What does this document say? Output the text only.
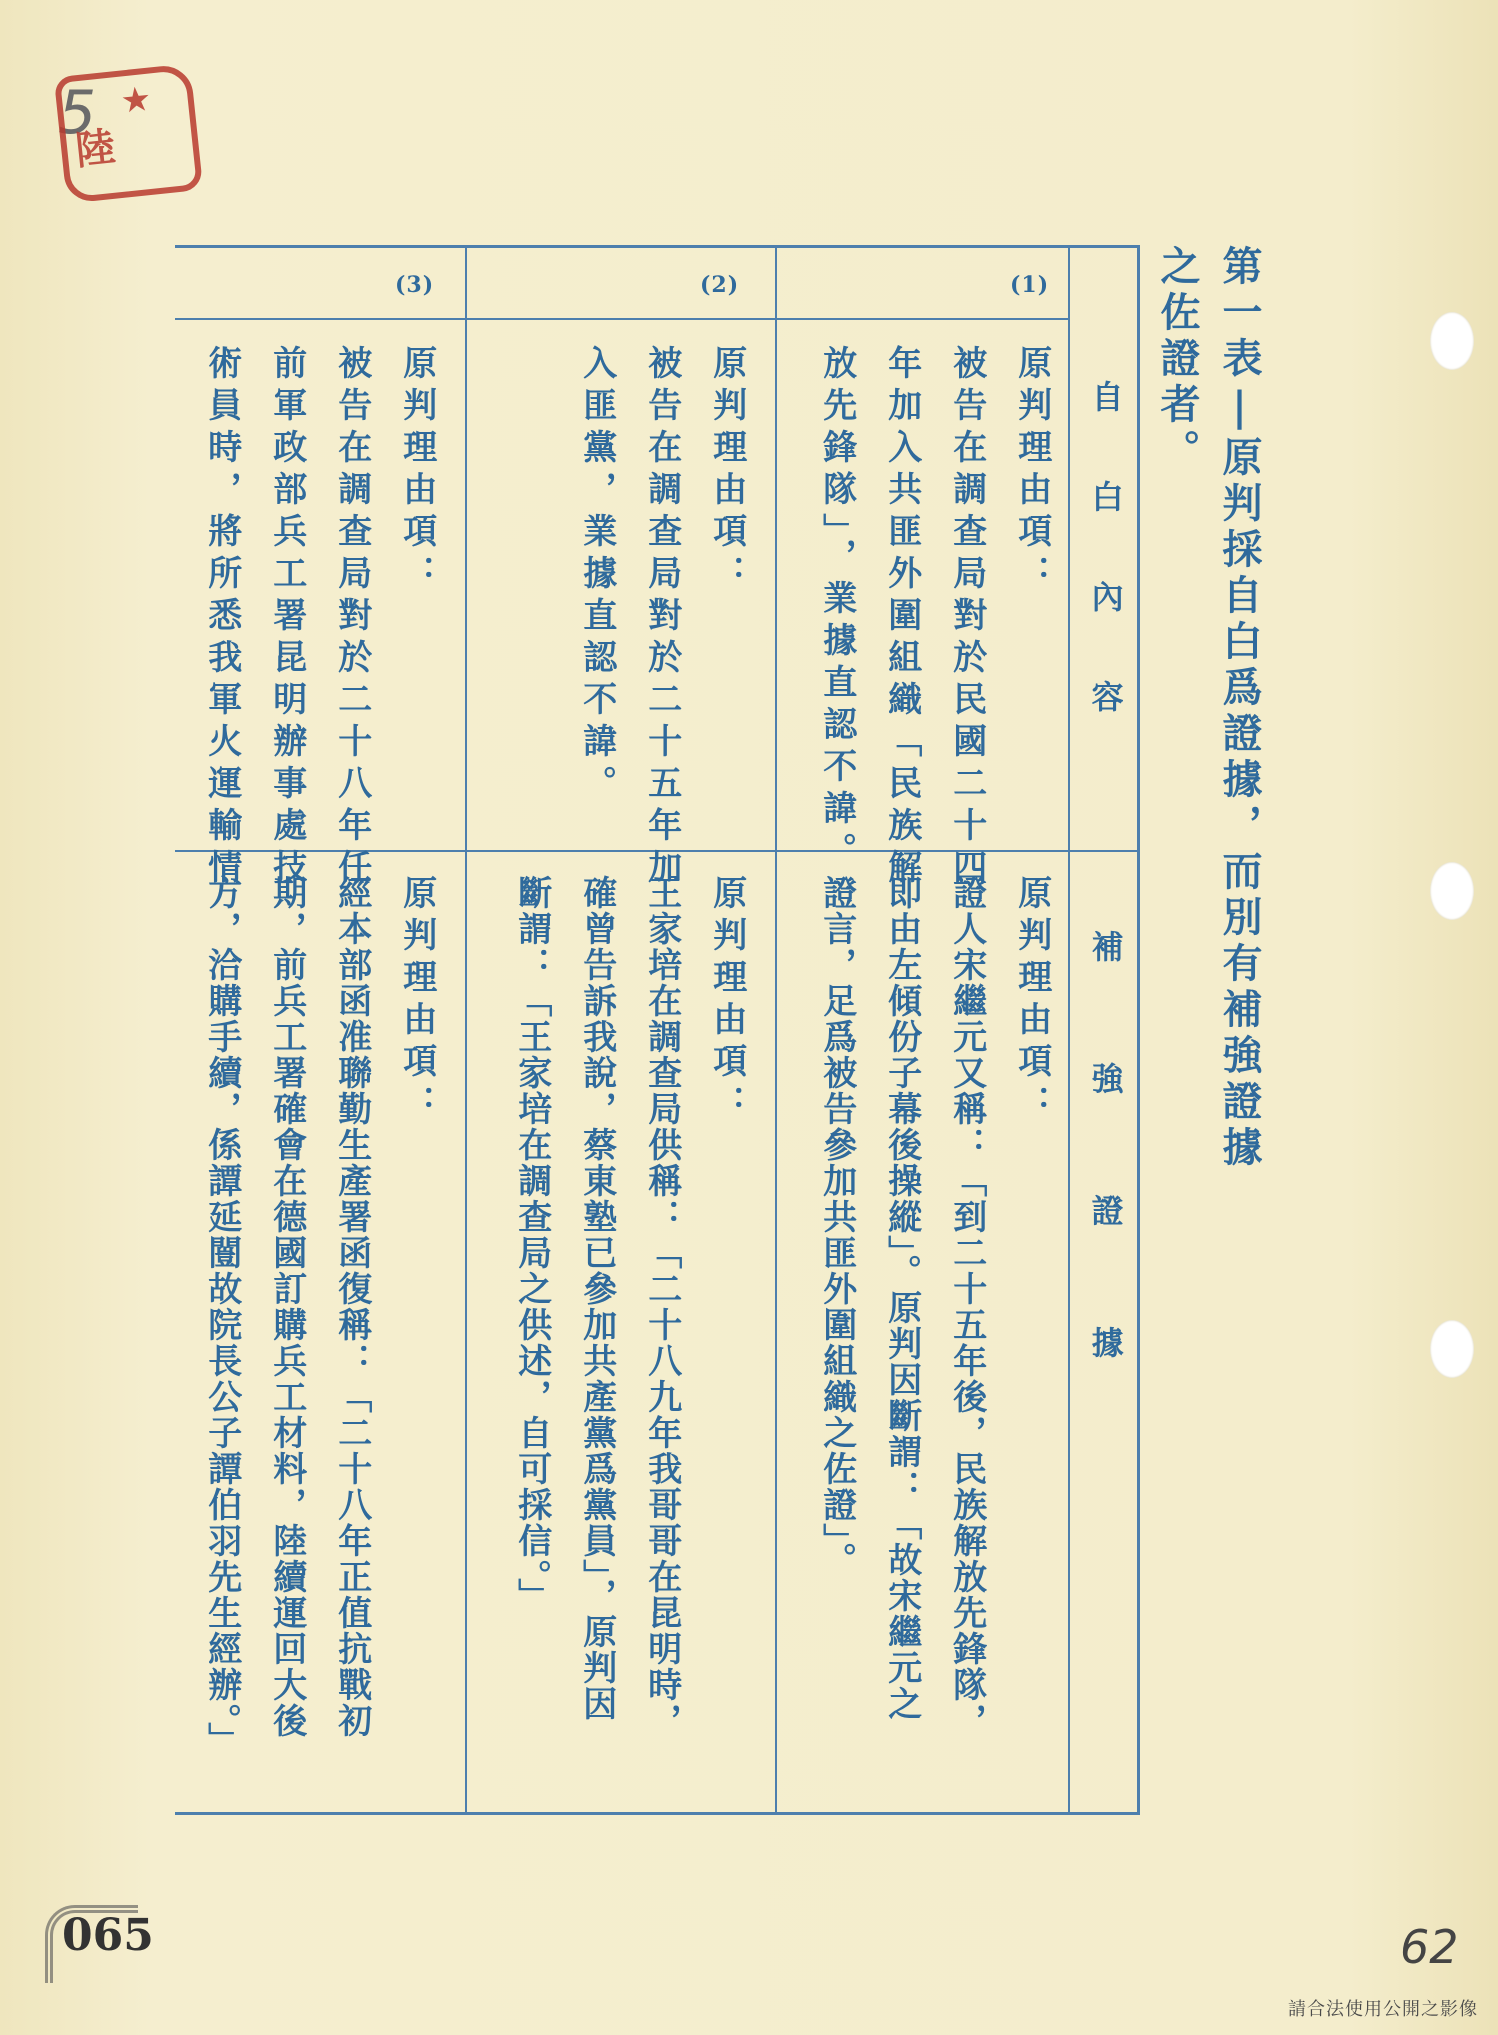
5
陸
★
第一表|原判採自白爲證據，而別有補強證據之佐證者。
自白內容
補強證據
(1)
(2)
(3)
原判理由項：
被告在調查局對於民國二十四
年加入共匪外圍組織「民族解
放先鋒隊」，業據直認不諱。
原判理由項：
證人宋繼元又稱：「到二十五年後，民族解放先鋒隊，
即由左傾份子幕後操縱」。原判因斷謂：「故宋繼元之
證言，足爲被告參加共匪外圍組織之佐證」。
原判理由項：
被告在調查局對於二十五年加
入匪黨，業據直認不諱。
原判理由項：
王家培在調查局供稱：「二十八九年我哥哥在昆明時，
確曾告訴我說，蔡東塾已參加共產黨爲黨員」，原判因
斷謂：「王家培在調查局之供述，自可採信。」
原判理由項：
被告在調查局對於二十八年任
前軍政部兵工署昆明辦事處技
術員時，將所悉我軍火運輸情
原判理由項：
經本部函准聯勤生產署函復稱：「二十八年正值抗戰初
期，前兵工署確會在德國訂購兵工材料，陸續運回大後
方，洽購手續，係譚延闓故院長公子譚伯羽先生經辦。」
065	62
請合法使用公開之影像
